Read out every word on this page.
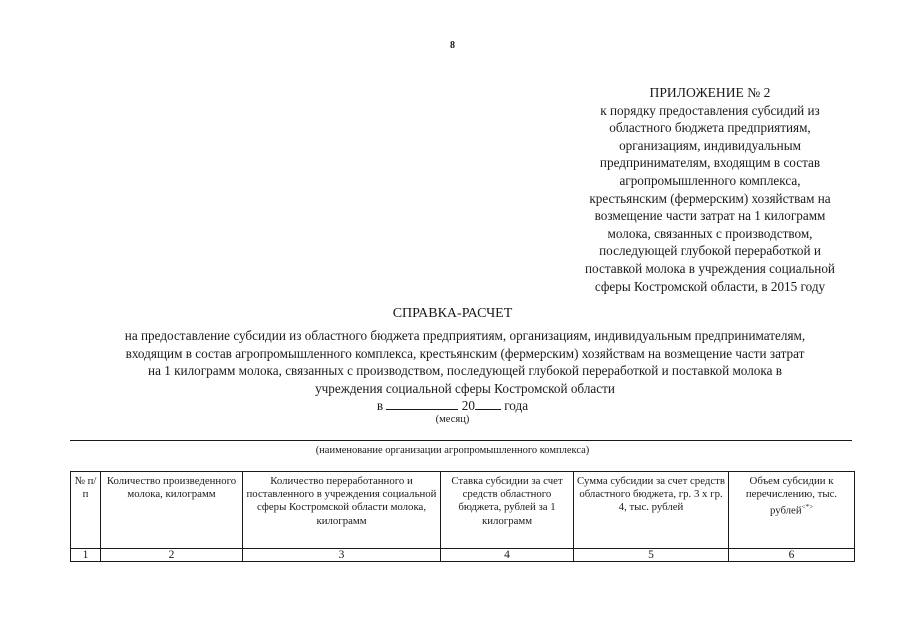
8
ПРИЛОЖЕНИЕ № 2
к порядку предоставления субсидий из
областного бюджета предприятиям,
организациям, индивидуальным
предпринимателям, входящим в состав
агропромышленного комплекса,
крестьянским (фермерским) хозяйствам на
возмещение части затрат на 1 килограмм
молока, связанных с производством,
последующей глубокой переработкой и
поставкой молока в учреждения социальной
сферы Костромской области, в 2015 году
СПРАВКА-РАСЧЕТ
на предоставление субсидии из областного бюджета предприятиям, организациям, индивидуальным предпринимателям,
входящим в состав агропромышленного комплекса, крестьянским (фермерским) хозяйствам на возмещение части затрат
на 1 килограмм молока, связанных с производством, последующей глубокой переработкой и поставкой молока в
учреждения социальной сферы Костромской области
в	20 года
(месяц)
(наименование организации агропромышленного комплекса)
№ п/п	Количество произведенного молока, килограмм	Количество переработанного и поставленного в учреждения социальной сферы Костромской области молока, килограмм	Ставка субсидии за счет средств областного бюджета, рублей за 1 килограмм	Сумма субсидии за счет средств областного бюджета, гр. 3 х гр. 4, тыс. рублей	Объем субсидии к перечислению, тыс. рублей<*>
1	2	3	4	5	6
